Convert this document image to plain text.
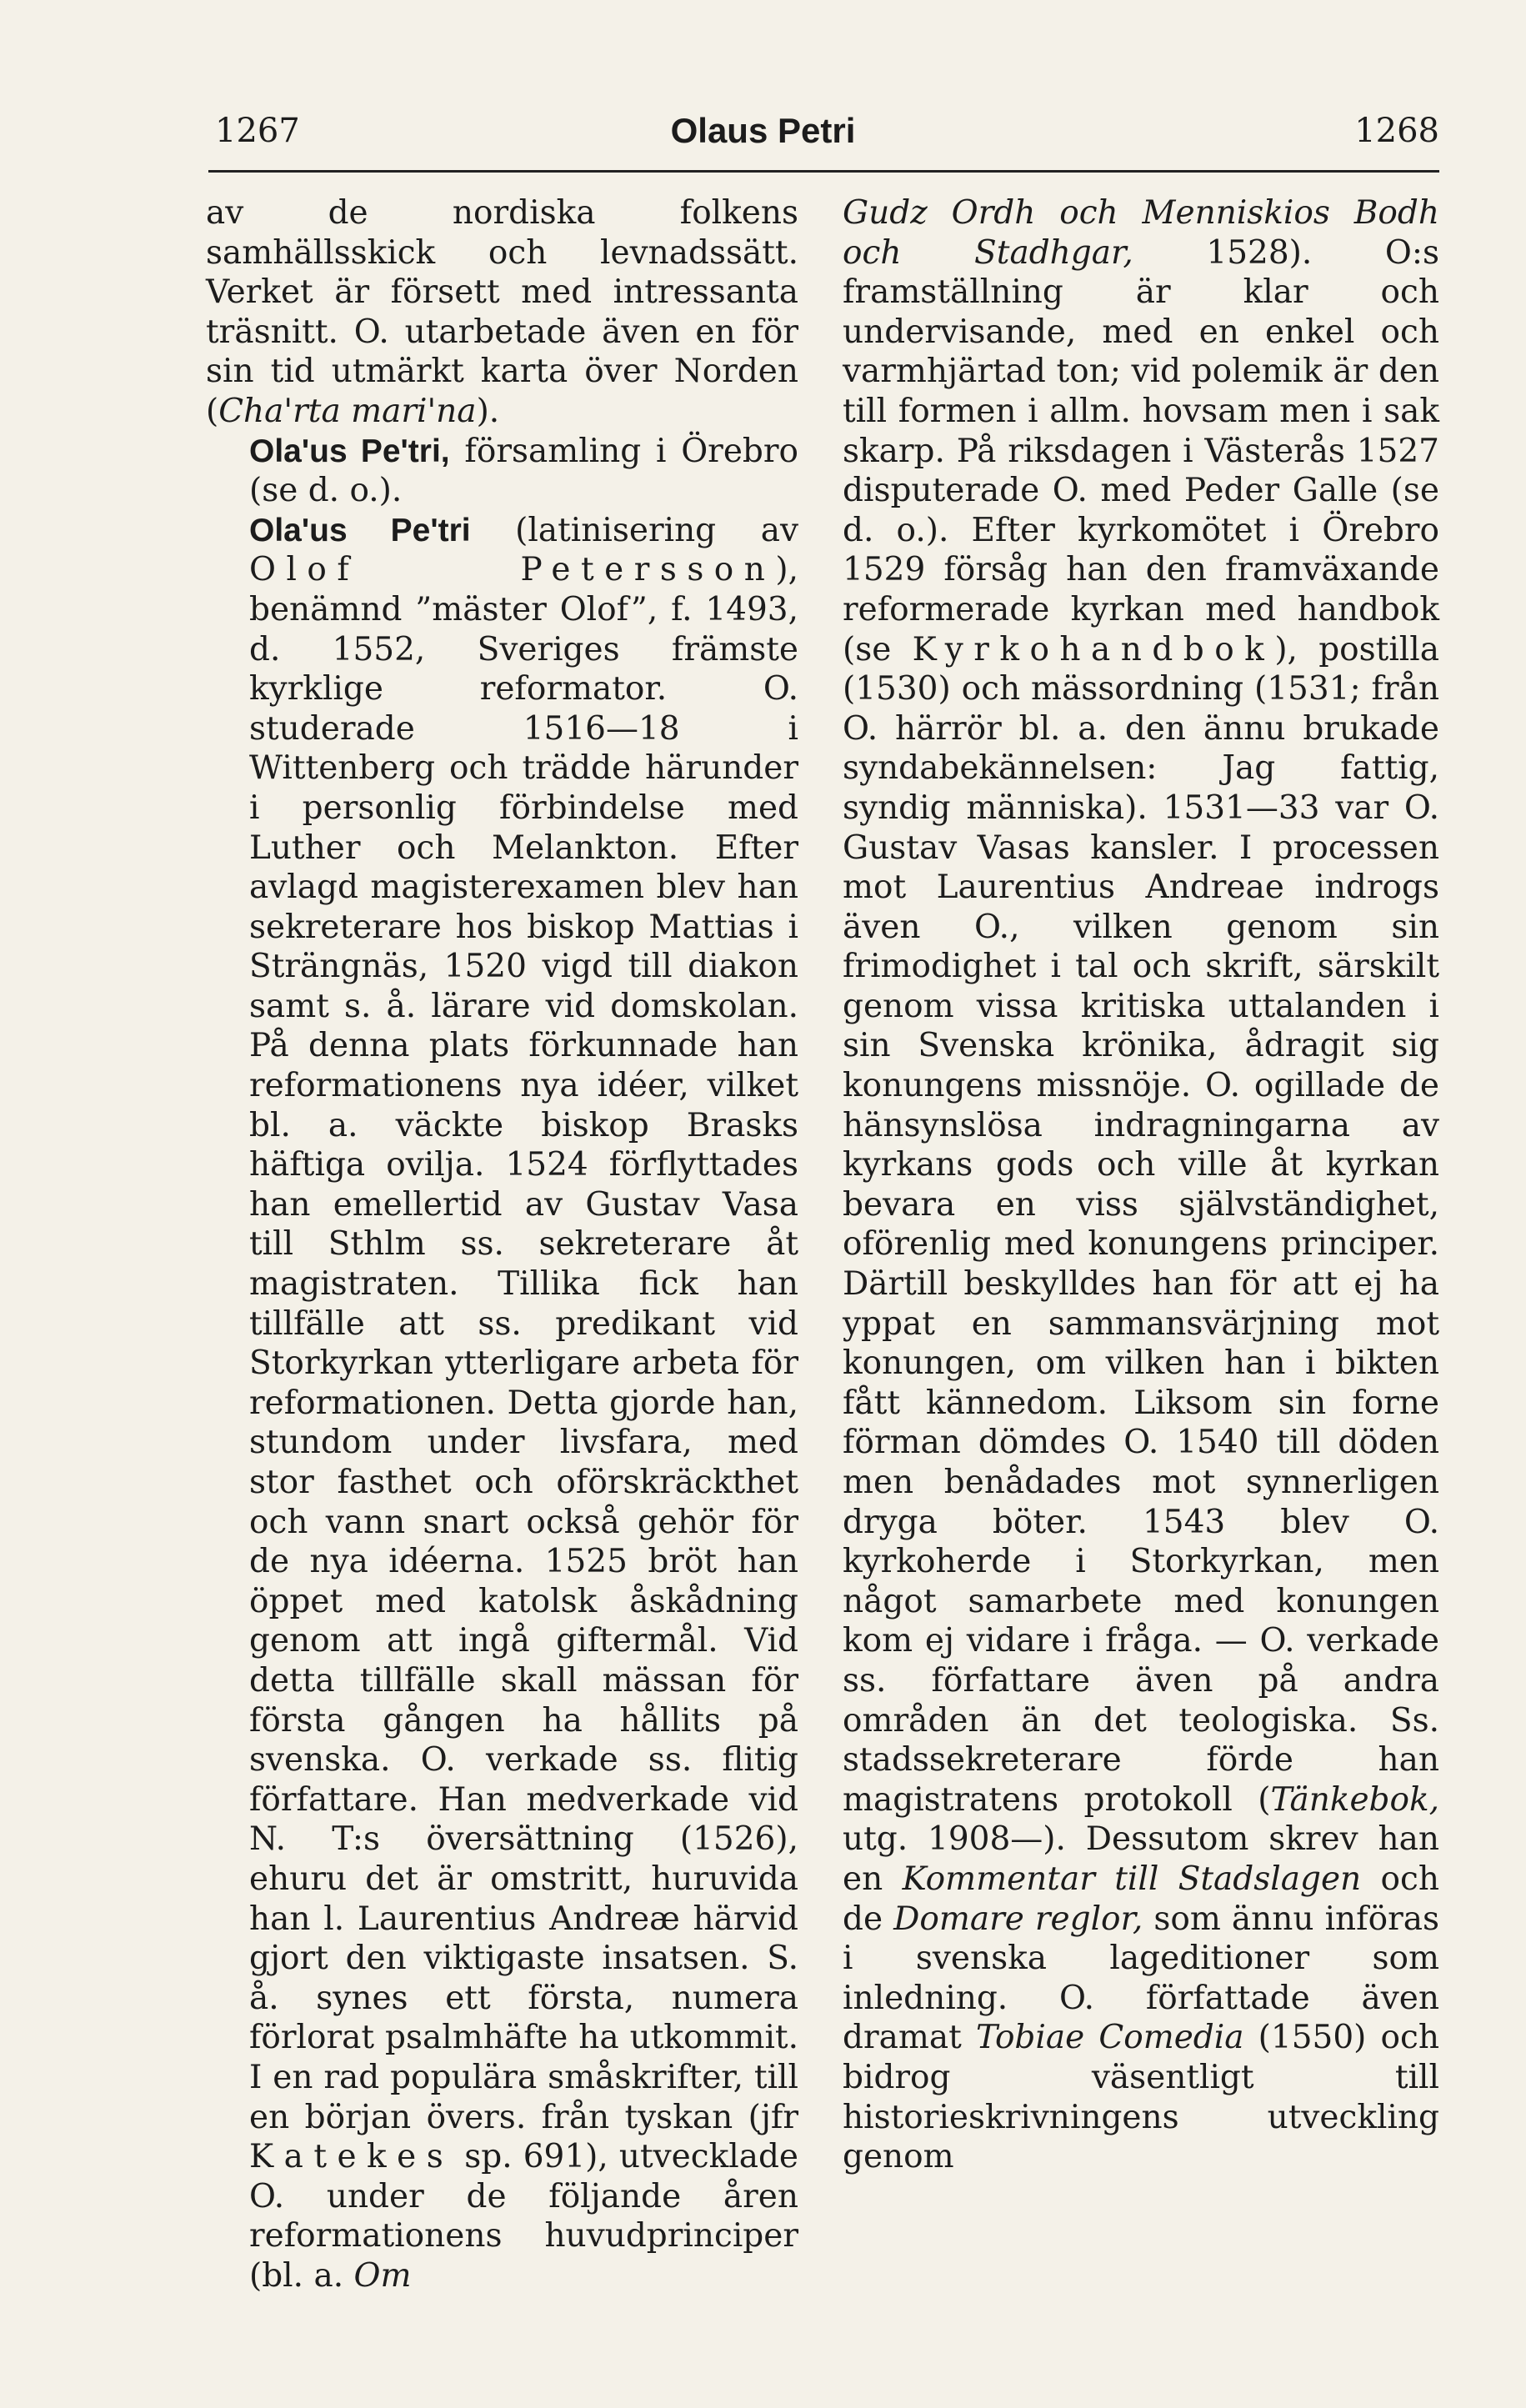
1267	Olaus Petri	1268

av de nordiska folkens samhällsskick och levnadssätt. Verket är försett med intressanta träsnitt. O. utarbetade även en för sin tid utmärkt karta över Norden (Cha'rta mari'na).

Ola'us Pe'tri, församling i Örebro (se d. o.).

Ola'us Pe'tri (latinisering av Olof Petersson), benämnd ”mäster Olof”, f. 1493, d. 1552, Sveriges främste kyrklige reformator. O. studerade 1516—18 i Wittenberg och trädde härunder i personlig förbindelse med Luther och Melankton. Efter avlagd magisterexamen blev han sekreterare hos biskop Mattias i Strängnäs, 1520 vigd till diakon samt s. å. lärare vid domskolan. På denna plats förkunnade han reformationens nya idéer, vilket bl. a. väckte biskop Brasks häftiga ovilja. 1524 förflyttades han emellertid av Gustav Vasa till Sthlm ss. sekreterare åt magistraten. Tillika fick han tillfälle att ss. predikant vid Storkyrkan ytterligare arbeta för reformationen. Detta gjorde han, stundom under livsfara, med stor fasthet och oförskräckthet och vann snart också gehör för de nya idéerna. 1525 bröt han öppet med katolsk åskådning genom att ingå giftermål. Vid detta tillfälle skall mässan för första gången ha hållits på svenska. O. verkade ss. flitig författare. Han medverkade vid N. T:s översättning (1526), ehuru det är omstritt, huruvida han l. Laurentius Andreæ härvid gjort den viktigaste insatsen. S. å. synes ett första, numera förlorat psalmhäfte ha utkommit. I en rad populära småskrifter, till en början övers. från tyskan (jfr Katekes sp. 691), utvecklade O. under de följande åren reformationens huvudprinciper (bl. a. Om

Gudz Ordh och Menniskios Bodh och Stadhgar, 1528). O:s framställning är klar och undervisande, med en enkel och varmhjärtad ton; vid polemik är den till formen i allm. hovsam men i sak skarp. På riksdagen i Västerås 1527 disputerade O. med Peder Galle (se d. o.). Efter kyrkomötet i Örebro 1529 försåg han den framväxande reformerade kyrkan med handbok (se Kyrkohandbok), postilla (1530) och mässordning (1531; från O. härrör bl. a. den ännu brukade syndabekännelsen: Jag fattig, syndig människa). 1531—33 var O. Gustav Vasas kansler. I processen mot Laurentius Andreae indrogs även O., vilken genom sin frimodighet i tal och skrift, särskilt genom vissa kritiska uttalanden i sin Svenska krönika, ådragit sig konungens missnöje. O. ogillade de hänsynslösa indragningarna av kyrkans gods och ville åt kyrkan bevara en viss självständighet, oförenlig med konungens principer. Därtill beskylldes han för att ej ha yppat en sammansvärjning mot konungen, om vilken han i bikten fått kännedom. Liksom sin forne förman dömdes O. 1540 till döden men benådades mot synnerligen dryga böter. 1543 blev O. kyrkoherde i Storkyrkan, men något samarbete med konungen kom ej vidare i fråga. — O. verkade ss. författare även på andra områden än det teologiska. Ss. stadssekreterare förde han magistratens protokoll (Tänkebok, utg. 1908—). Dessutom skrev han en Kommentar till Stadslagen och de Domare reglor, som ännu införas i svenska lageditioner som inledning. O. författade även dramat Tobiae Comedia (1550) och bidrog väsentligt till historieskrivningens utveckling genom
